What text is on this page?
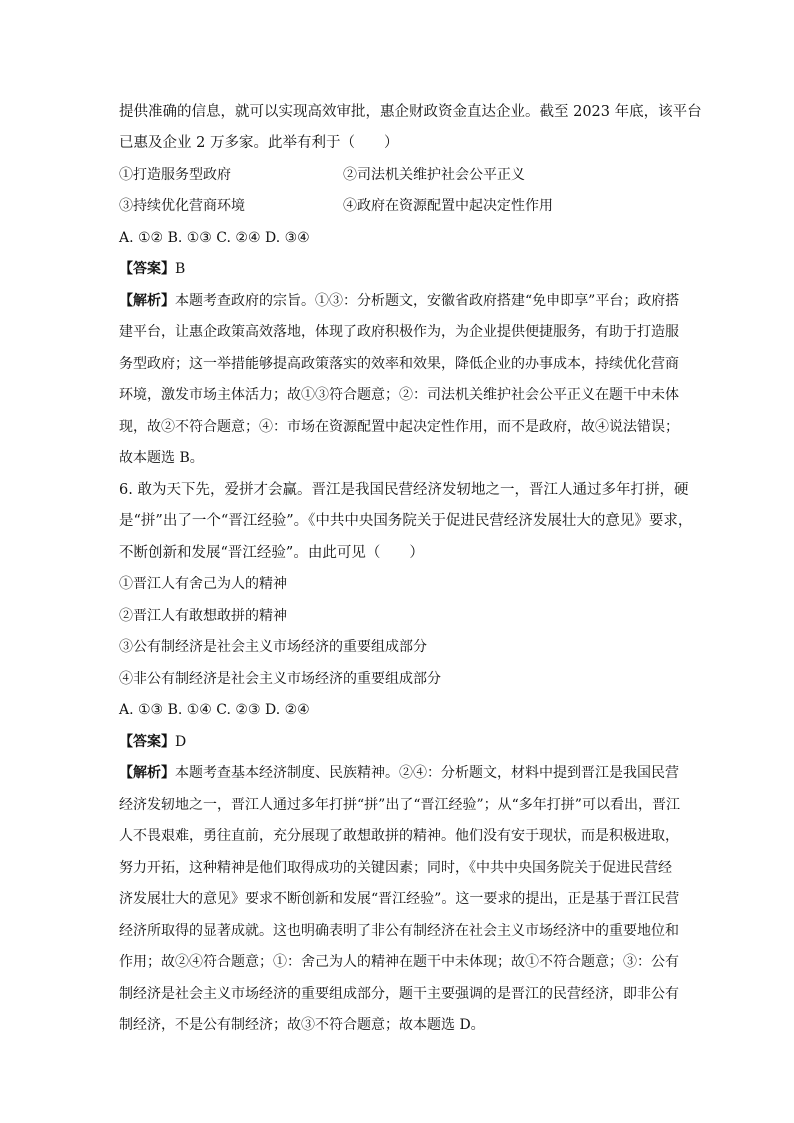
提供准确的信息，就可以实现高效审批，惠企财政资金直达企业。截至 2023 年底，该平台
已惠及企业 2 万多家。此举有利于（　　）
①打造服务型政府	②司法机关维护社会公平正义
③持续优化营商环境	④政府在资源配置中起决定性作用
A. ①② B. ①③ C. ②④ D. ③④
【答案】B
【解析】本题考查政府的宗旨。①③：分析题文，安徽省政府搭建“免申即享”平台；政府搭
建平台，让惠企政策高效落地，体现了政府积极作为，为企业提供便捷服务，有助于打造服
务型政府；这一举措能够提高政策落实的效率和效果，降低企业的办事成本，持续优化营商
环境，激发市场主体活力；故①③符合题意；②：司法机关维护社会公平正义在题干中未体
现，故②不符合题意；④：市场在资源配置中起决定性作用，而不是政府，故④说法错误；
故本题选 B。
6. 敢为天下先，爱拼才会赢。晋江是我国民营经济发轫地之一，晋江人通过多年打拼，硬
是“拼”出了一个“晋江经验”。《中共中央国务院关于促进民营经济发展壮大的意见》要求，
不断创新和发展“晋江经验”。由此可见（　　）
①晋江人有舍己为人的精神
②晋江人有敢想敢拼的精神
③公有制经济是社会主义市场经济的重要组成部分
④非公有制经济是社会主义市场经济的重要组成部分
A. ①③ B. ①④ C. ②③ D. ②④
【答案】D
【解析】本题考查基本经济制度、民族精神。②④：分析题文，材料中提到晋江是我国民营
经济发轫地之一，晋江人通过多年打拼“拼”出了“晋江经验”；从“多年打拼”可以看出，晋江
人不畏艰难，勇往直前，充分展现了敢想敢拼的精神。他们没有安于现状，而是积极进取，
努力开拓，这种精神是他们取得成功的关键因素；同时，《中共中央国务院关于促进民营经
济发展壮大的意见》要求不断创新和发展“晋江经验”。这一要求的提出，正是基于晋江民营
经济所取得的显著成就。这也明确表明了非公有制经济在社会主义市场经济中的重要地位和
作用；故②④符合题意；①：舍己为人的精神在题干中未体现；故①不符合题意；③：公有
制经济是社会主义市场经济的重要组成部分，题干主要强调的是晋江的民营经济，即非公有
制经济，不是公有制经济；故③不符合题意；故本题选 D。
